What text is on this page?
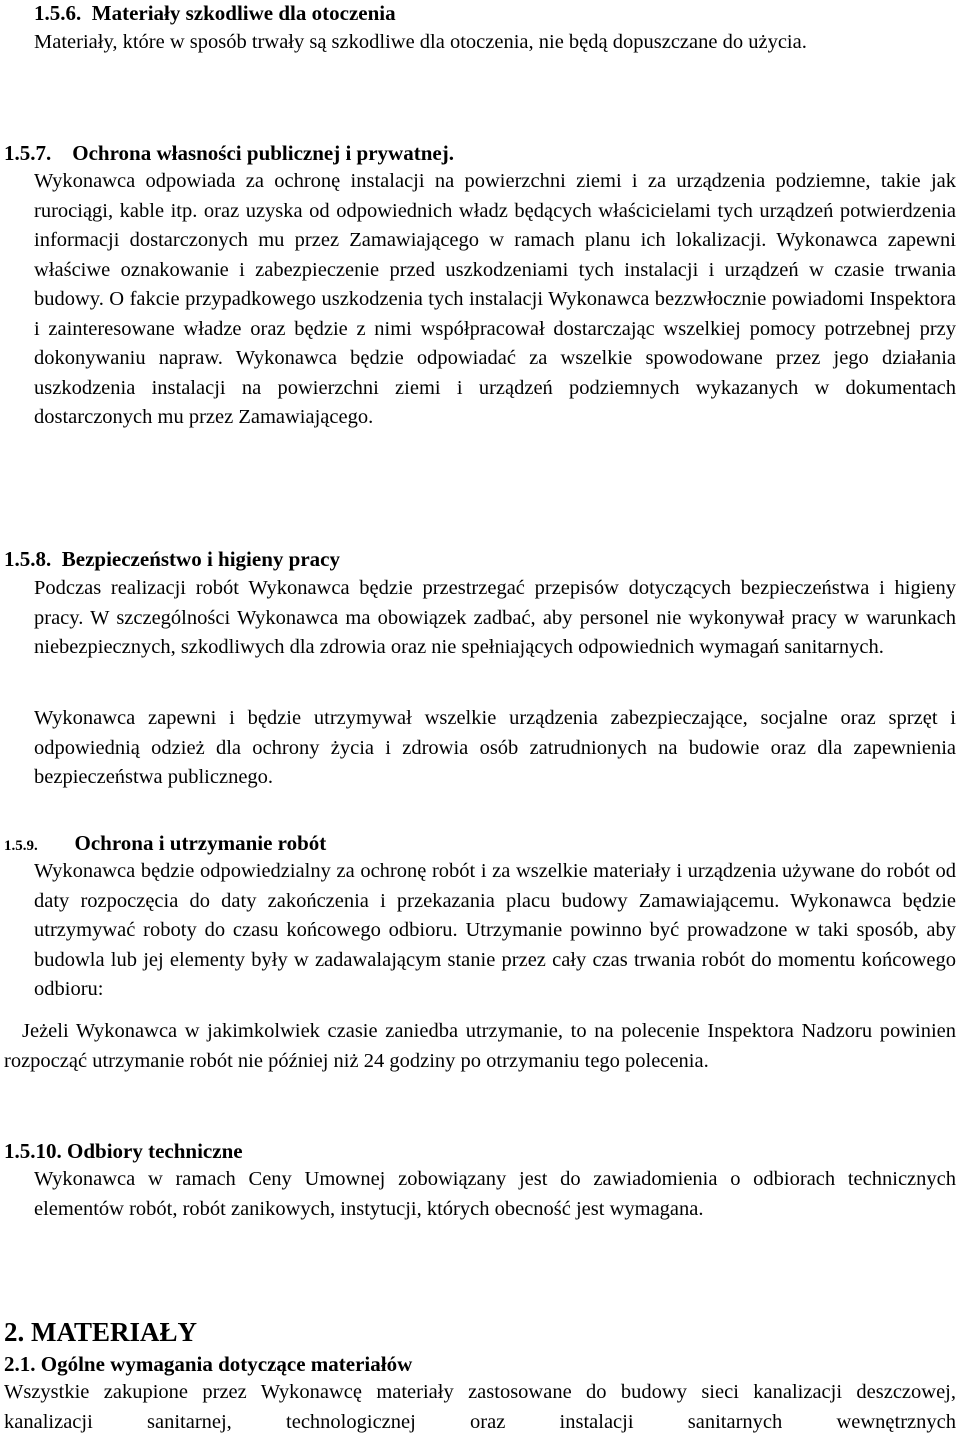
1.5.6. Materiały szkodliwe dla otoczenia

Materiały, które w sposób trwały są szkodliwe dla otoczenia, nie będą dopuszczane do użycia.

1.5.7. Ochrona własności publicznej i prywatnej.

Wykonawca odpowiada za ochronę instalacji na powierzchni ziemi i za urządzenia podziemne, takie jak rurociągi, kable itp. oraz uzyska od odpowiednich władz będących właścicielami tych urządzeń potwierdzenia informacji dostarczonych mu przez Zamawiającego w ramach planu ich lokalizacji. Wykonawca zapewni właściwe oznakowanie i zabezpieczenie przed uszkodzeniami tych instalacji i urządzeń w czasie trwania budowy. O fakcie przypadkowego uszkodzenia tych instalacji Wykonawca bezzwłocznie powiadomi Inspektora i zainteresowane władze oraz będzie z nimi współpracował dostarczając wszelkiej pomocy potrzebnej przy dokonywaniu napraw. Wykonawca będzie odpowiadać za wszelkie spowodowane przez jego działania uszkodzenia instalacji na powierzchni ziemi i urządzeń podziemnych wykazanych w dokumentach dostarczonych mu przez Zamawiającego.

1.5.8. Bezpieczeństwo i higieny pracy

Podczas realizacji robót Wykonawca będzie przestrzegać przepisów dotyczących bezpieczeństwa i higieny pracy. W szczególności Wykonawca ma obowiązek zadbać, aby personel nie wykonywał pracy w warunkach niebezpiecznych, szkodliwych dla zdrowia oraz nie spełniających odpowiednich wymagań sanitarnych.

Wykonawca zapewni i będzie utrzymywał wszelkie urządzenia zabezpieczające, socjalne oraz sprzęt i odpowiednią odzież dla ochrony życia i zdrowia osób zatrudnionych na budowie oraz dla zapewnienia bezpieczeństwa publicznego.

1.5.9. Ochrona i utrzymanie robót

Wykonawca będzie odpowiedzialny za ochronę robót i za wszelkie materiały i urządzenia używane do robót od daty rozpoczęcia do daty zakończenia i przekazania placu budowy Zamawiającemu. Wykonawca będzie utrzymywać roboty do czasu końcowego odbioru. Utrzymanie powinno być prowadzone w taki sposób, aby budowla lub jej elementy były w zadawalającym stanie przez cały czas trwania robót do momentu końcowego odbioru:

Jeżeli Wykonawca w jakimkolwiek czasie zaniedba utrzymanie, to na polecenie Inspektora Nadzoru powinien rozpocząć utrzymanie robót nie później niż 24 godziny po otrzymaniu tego polecenia.

1.5.10. Odbiory techniczne

Wykonawca w ramach Ceny Umownej zobowiązany jest do zawiadomienia o odbiorach technicznych elementów robót, robót zanikowych, instytucji, których obecność jest wymagana.

2. MATERIAŁY
2.1. Ogólne wymagania dotyczące materiałów

Wszystkie zakupione przez Wykonawcę materiały zastosowane do budowy sieci kanalizacji deszczowej, kanalizacji sanitarnej, technologicznej oraz instalacji sanitarnych wewnętrznych
